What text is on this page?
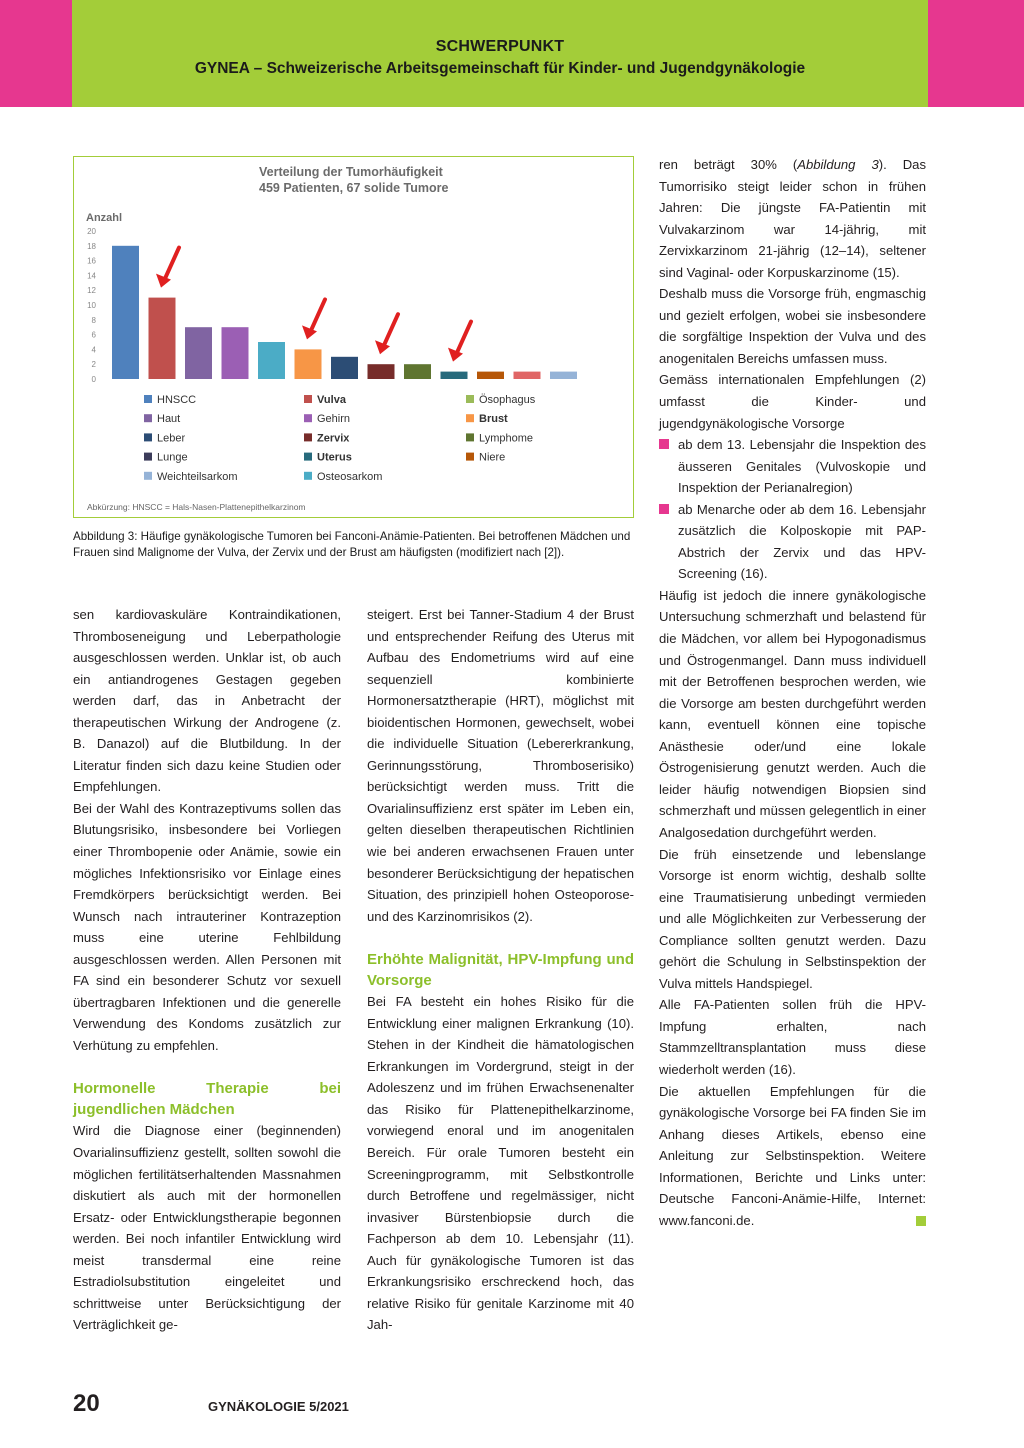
SCHWERPUNKT
GYNEA – Schweizerische Arbeitsgemeinschaft für Kinder- und Jugendgynäkologie
Verteilung der Tumorhäufigkeit
459 Patienten, 67 solide Tumore
Anzahl
0
2
4
6
8
10
12
14
16
18
20
HNSCC
Haut
Leber
Lunge
Weichteilsarkom
Vulva
Gehirn
Zervix
Uterus
Osteosarkom
Ösophagus
Brust
Lymphome
Niere
Abkürzung: HNSCC = Hals-Nasen-Plattenepithelkarzinom
Abbildung 3: Häufige gynäkologische Tumoren bei Fanconi-Anämie-Patienten. Bei betroffenen Mädchen und Frauen sind Malignome der Vulva, der Zervix und der Brust am häufigsten (modifiziert nach [2]).

sen kardiovaskuläre Kontraindikationen, Thromboseneigung und Leberpathologie ausgeschlossen werden. Unklar ist, ob auch ein antiandrogenes Gestagen gegeben werden darf, das in Anbetracht der therapeutischen Wirkung der Androgene (z. B. Danazol) auf die Blutbildung. In der Literatur finden sich dazu keine Studien oder Empfehlungen.

Bei der Wahl des Kontrazeptivums sollen das Blutungsrisiko, insbesondere bei Vorliegen einer Thrombopenie oder Anämie, sowie ein mögliches Infektionsrisiko vor Einlage eines Fremdkörpers berücksichtigt werden. Bei Wunsch nach intrauteriner Kontrazeption muss eine uterine Fehlbildung ausgeschlossen werden. Allen Personen mit FA sind ein besonderer Schutz vor sexuell übertragbaren Infektionen und die generelle Verwendung des Kondoms zusätzlich zur Verhütung zu empfehlen.

Hormonelle Therapie bei jugendlichen Mädchen

Wird die Diagnose einer (beginnenden) Ovarialinsuffizienz gestellt, sollten sowohl die möglichen fertilitätserhaltenden Massnahmen diskutiert als auch mit der hormonellen Ersatz- oder Entwicklungstherapie begonnen werden. Bei noch infantiler Entwicklung wird meist transdermal eine reine Estradiolsubstitution eingeleitet und schrittweise unter Berücksichtigung der Verträglichkeit ge-

steigert. Erst bei Tanner-Stadium 4 der Brust und entsprechender Reifung des Uterus mit Aufbau des Endometriums wird auf eine sequenziell kombinierte Hormonersatztherapie (HRT), möglichst mit bioidentischen Hormonen, gewechselt, wobei die individuelle Situation (Lebererkrankung, Gerinnungsstörung, Thromboserisiko) berücksichtigt werden muss. Tritt die Ovarialinsuffizienz erst später im Leben ein, gelten dieselben therapeutischen Richtlinien wie bei anderen erwachsenen Frauen unter besonderer Berücksichtigung der hepatischen Situation, des prinzipiell hohen Osteoporose- und des Karzinomrisikos (2).

Erhöhte Malignität, HPV-Impfung und Vorsorge

Bei FA besteht ein hohes Risiko für die Entwicklung einer malignen Erkrankung (10). Stehen in der Kindheit die hämatologischen Erkrankungen im Vordergrund, steigt in der Adoleszenz und im frühen Erwachsenenalter das Risiko für Plattenepithelkarzinome, vorwiegend enoral und im anogenitalen Bereich. Für orale Tumoren besteht ein Screeningprogramm, mit Selbstkontrolle durch Betroffene und regelmässiger, nicht invasiver Bürstenbiopsie durch die Fachperson ab dem 10. Lebensjahr (11). Auch für gynäkologische Tumoren ist das Erkrankungsrisiko erschreckend hoch, das relative Risiko für genitale Karzinome mit 40 Jah-

ren beträgt 30% (Abbildung 3). Das Tumorrisiko steigt leider schon in frühen Jahren: Die jüngste FA-Patientin mit Vulvakarzinom war 14-jährig, mit Zervixkarzinom 21-jährig (12–14), seltener sind Vaginal- oder Korpuskarzinome (15).

Deshalb muss die Vorsorge früh, engmaschig und gezielt erfolgen, wobei sie insbesondere die sorgfältige Inspektion der Vulva und des anogenitalen Bereichs umfassen muss.

Gemäss internationalen Empfehlungen (2) umfasst die Kinder- und jugendgynäkologische Vorsorge

ab dem 13. Lebensjahr die Inspektion des äusseren Genitales (Vulvoskopie und Inspektion der Perianalregion)
ab Menarche oder ab dem 16. Lebensjahr zusätzlich die Kolposkopie mit PAP-Abstrich der Zervix und das HPV-Screening (16).

Häufig ist jedoch die innere gynäkologische Untersuchung schmerzhaft und belastend für die Mädchen, vor allem bei Hypogonadismus und Östrogenmangel. Dann muss individuell mit der Betroffenen besprochen werden, wie die Vorsorge am besten durchgeführt werden kann, eventuell können eine topische Anästhesie oder/und eine lokale Östrogenisierung genutzt werden. Auch die leider häufig notwendigen Biopsien sind schmerzhaft und müssen gelegentlich in einer Analgosedation durchgeführt werden.

Die früh einsetzende und lebenslange Vorsorge ist enorm wichtig, deshalb sollte eine Traumatisierung unbedingt vermieden und alle Möglichkeiten zur Verbesserung der Compliance sollten genutzt werden. Dazu gehört die Schulung in Selbstinspektion der Vulva mittels Handspiegel.

Alle FA-Patienten sollen früh die HPV-Impfung erhalten, nach Stammzelltransplantation muss diese wiederholt werden (16).

Die aktuellen Empfehlungen für die gynäkologische Vorsorge bei FA finden Sie im Anhang dieses Artikels, ebenso eine Anleitung zur Selbstinspektion. Weitere Informationen, Berichte und Links unter: Deutsche Fanconi-Anämie-Hilfe, Internet: www.fanconi.de.

20	GYNÄKOLOGIE 5/2021
